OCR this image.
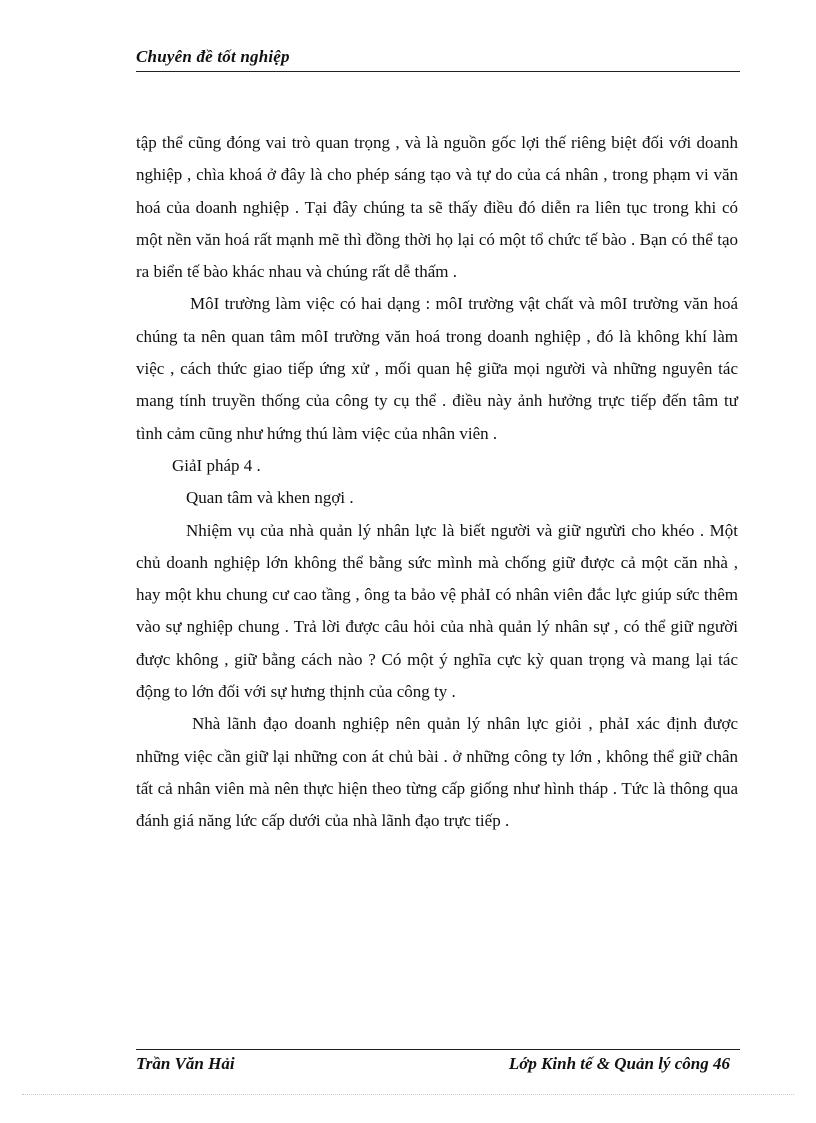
Chuyên đề tốt nghiệp

tập thể cũng đóng vai trò quan trọng , và là nguồn gốc lợi thế riêng biệt đối với doanh nghiệp , chìa khoá ở đây là cho phép sáng tạo và tự do của cá nhân , trong phạm vi văn hoá của doanh nghiệp . Tại đây chúng ta sẽ thấy điều đó diễn ra liên tục trong khi có một nền văn hoá rất mạnh mẽ thì đồng thời họ lại có một tổ chức tế bào . Bạn có thể tạo ra biển tế bào khác nhau và chúng rất dễ thấm .

MôI trường làm việc có hai dạng : môI trường vật chất và môI trường văn hoá chúng ta nên quan tâm môI trường văn hoá trong doanh nghiệp , đó là không khí làm việc , cách thức giao tiếp ứng xử , mối quan hệ giữa mọi người và những nguyên tác mang tính truyền thống của công ty cụ thể . điều này ảnh hưởng trực tiếp đến tâm tư tình cảm cũng như hứng thú làm việc của nhân viên .

GiảI pháp 4 .

Quan tâm và khen ngợi .

Nhiệm vụ của nhà quản lý nhân lực là biết người và giữ ngưừi cho khéo . Một chủ doanh nghiệp lớn không thể bằng sức mình mà chống giữ được cả một căn nhà , hay một khu chung cư cao tầng , ông ta bảo vệ phảI có nhân viên đắc lực giúp sức thêm vào sự nghiệp chung . Trả lời được câu hỏi của nhà quản lý nhân sự , có thể giữ người được không , giữ bằng cách nào ? Có một ý nghĩa cực kỳ quan trọng và mang lại tác động to lớn đối với sự hưng thịnh của công ty .

Nhà lãnh đạo doanh nghiệp nên quản lý nhân lực giỏi , phảI xác định được những việc cần giữ lại những con át chủ bài . ở những công ty lớn , không thể giữ chân tất cả nhân viên mà nên thực hiện theo từng cấp giống như hình tháp . Tức là thông qua đánh giá năng lức cấp dưới của nhà lãnh đạo trực tiếp .

Trần Văn Hải	Lớp Kinh tế & Quản lý công 46
